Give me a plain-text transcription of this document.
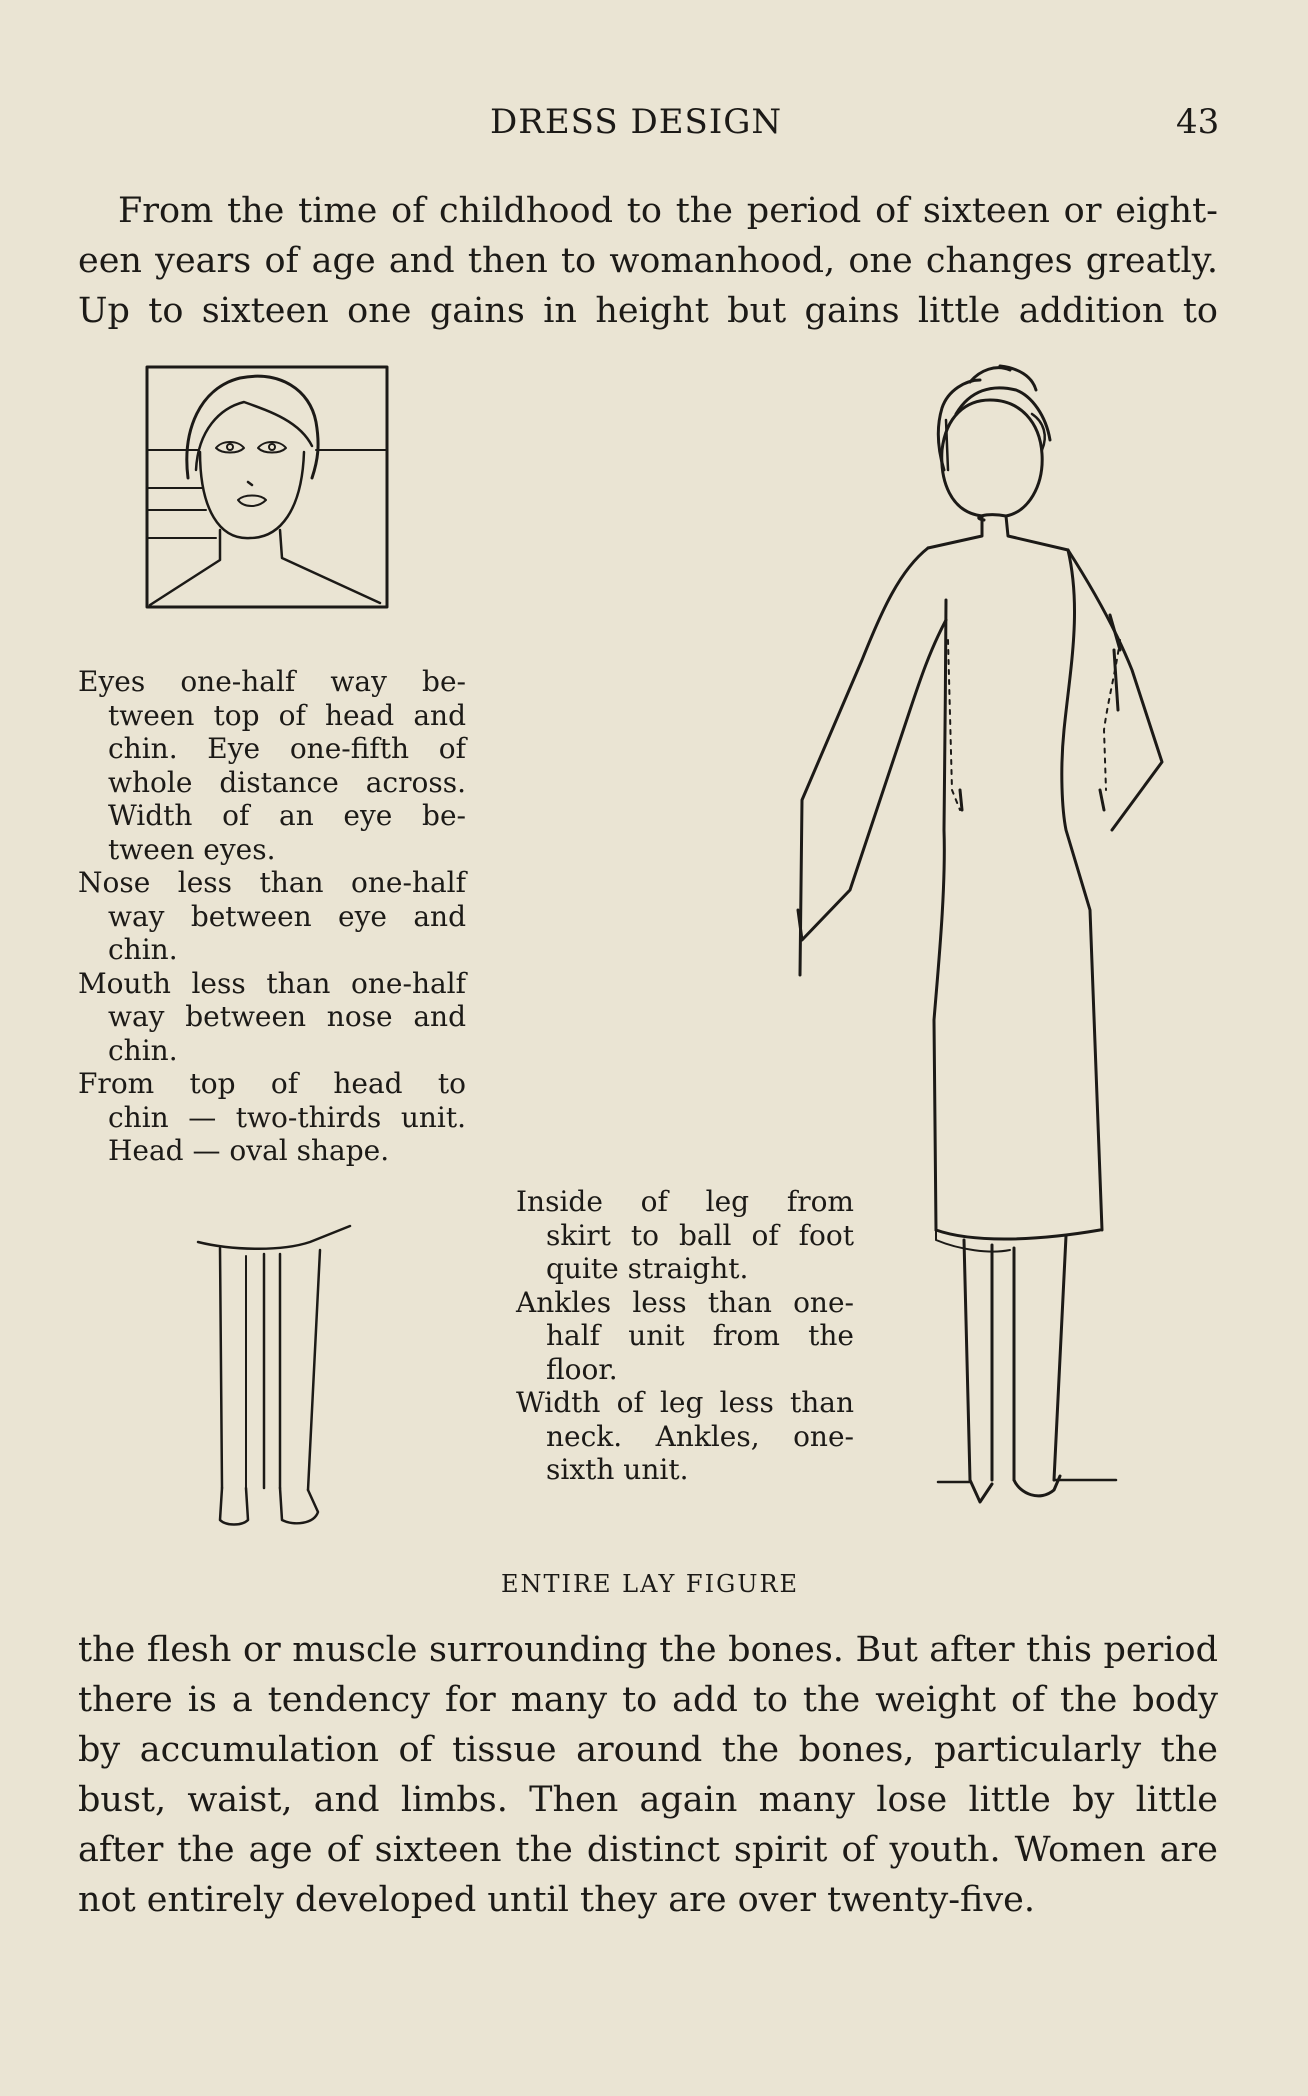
DRESS DESIGN	43

From the time of childhood to the period of sixteen or eight-
een years of age and then to womanhood, one changes greatly.
Up to sixteen one gains in height but gains little addition to

Eyes one-half way be-
tween top of head and
chin. Eye one-fifth of
whole distance across.
Width of an eye be-
tween eyes.
Nose less than one-half
way between eye and
chin.
Mouth less than one-half
way between nose and
chin.
From top of head to
chin — two-thirds unit.
Head — oval shape.
Inside of leg from
skirt to ball of foot
quite straight.
Ankles less than one-
half unit from the
floor.
Width of leg less than
neck. Ankles, one-
sixth unit.
ENTIRE LAY FIGURE

the flesh or muscle surrounding the bones. But after this period
there is a tendency for many to add to the weight of the body
by accumulation of tissue around the bones, particularly the
bust, waist, and limbs. Then again many lose little by little
after the age of sixteen the distinct spirit of youth. Women are
not entirely developed until they are over twenty-five.
